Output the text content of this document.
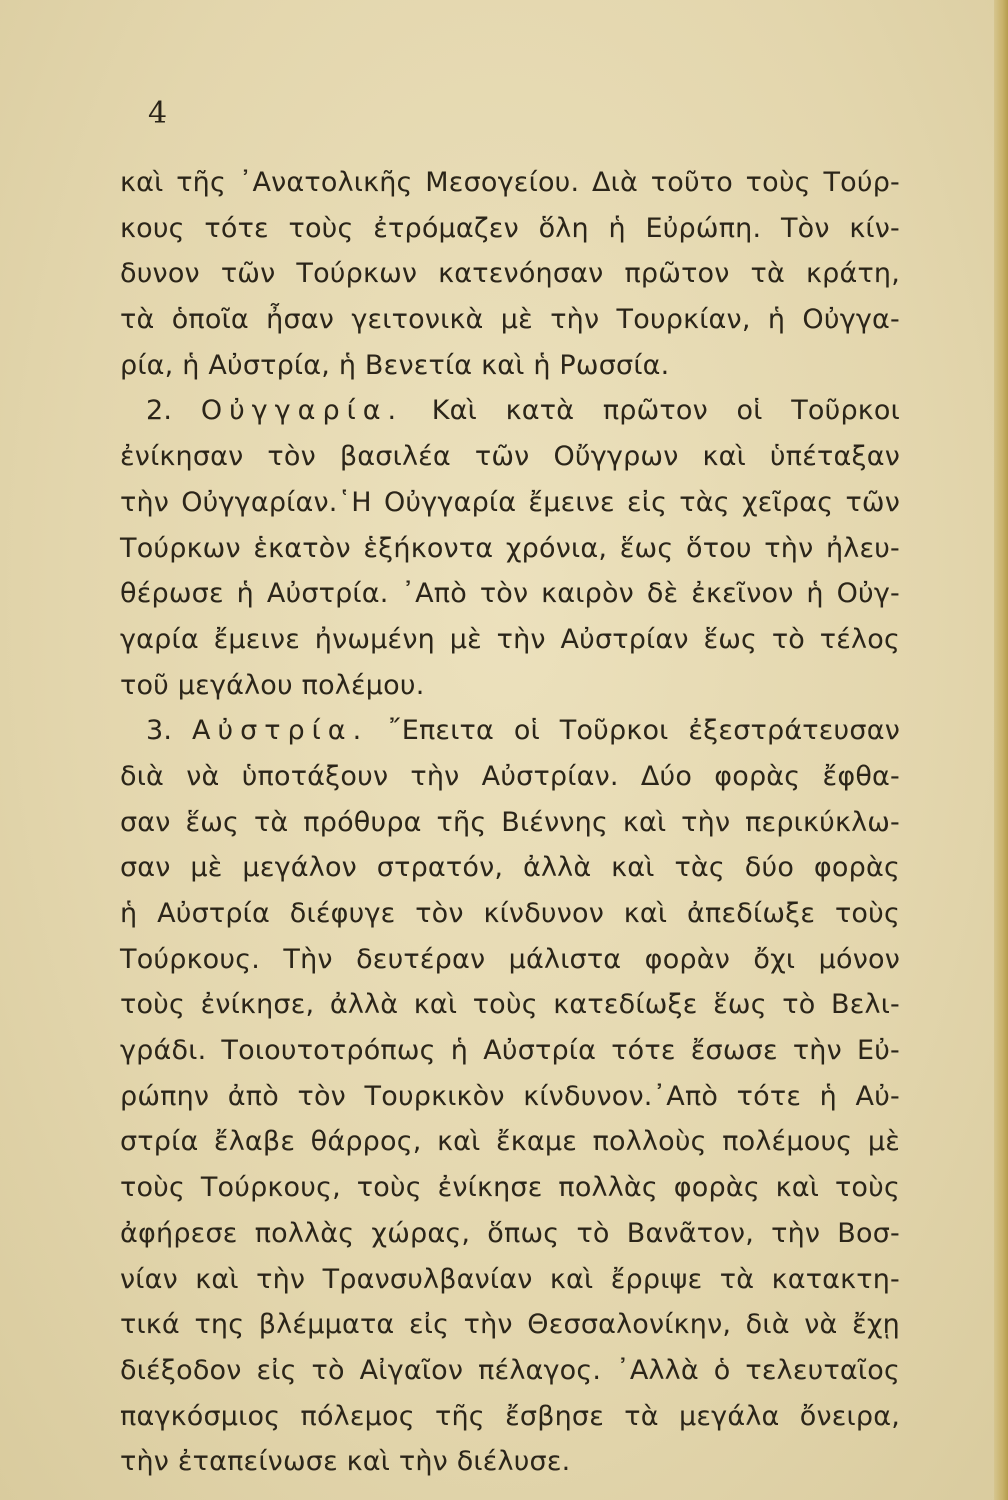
4
καὶ τῆς ᾿Ανατολικῆς Μεσογείου. Διὰ τοῦτο τοὺς Τούρ-
κους τότε τοὺς ἐτρόμαζεν ὅλη ἡ Εὐρώπη. Τὸν κίν-
δυνον τῶν Τούρκων κατενόησαν πρῶτον τὰ κράτη,
τὰ ὁποῖα ἦσαν γειτονικὰ μὲ τὴν Τουρκίαν, ἡ Οὐγγα-
ρία, ἡ Αὐστρία, ἡ Βενετία καὶ ἡ Ρωσσία.
2. Οὐγγαρία. Καὶ κατὰ πρῶτον οἱ Τοῦρκοι
ἐνίκησαν τὸν βασιλέα τῶν Οὔγγρων καὶ ὑπέταξαν
τὴν Οὐγγαρίαν.῾Η Οὐγγαρία ἔμεινε εἰς τὰς χεῖρας τῶν
Τούρκων ἑκατὸν ἑξήκοντα χρόνια, ἕως ὅτου τὴν ἠλευ-
θέρωσε ἡ Αὐστρία. ᾿Απὸ τὸν καιρὸν δὲ ἐκεῖνον ἡ Οὐγ-
γαρία ἔμεινε ἠνωμένη μὲ τὴν Αὐστρίαν ἕως τὸ τέλος
τοῦ μεγάλου πολέμου.
3. Αὐστρία. ῎Επειτα οἱ Τοῦρκοι ἐξεστράτευσαν
διὰ νὰ ὑποτάξουν τὴν Αὐστρίαν. Δύο φορὰς ἔφθα-
σαν ἕως τὰ πρόθυρα τῆς Βιέννης καὶ τὴν περικύκλω-
σαν μὲ μεγάλον στρατόν, ἀλλὰ καὶ τὰς δύο φορὰς
ἡ Αὐστρία διέφυγε τὸν κίνδυνον καὶ ἀπεδίωξε τοὺς
Τούρκους. Τὴν δευτέραν μάλιστα φορὰν ὄχι μόνον
τοὺς ἐνίκησε, ἀλλὰ καὶ τοὺς κατεδίωξε ἕως τὸ Βελι-
γράδι. Τοιουτοτρόπως ἡ Αὐστρία τότε ἔσωσε τὴν Εὐ-
ρώπην ἀπὸ τὸν Τουρκικὸν κίνδυνον.᾿Απὸ τότε ἡ Αὐ-
στρία ἔλαβε θάρρος, καὶ ἔκαμε πολλοὺς πολέμους μὲ
τοὺς Τούρκους, τοὺς ἐνίκησε πολλὰς φορὰς καὶ τοὺς
ἀφήρεσε πολλὰς χώρας, ὅπως τὸ Βανᾶτον, τὴν Βοσ-
νίαν καὶ τὴν Τρανσυλβανίαν καὶ ἔρριψε τὰ κατακτη-
τικά της βλέμματα εἰς τὴν Θεσσαλονίκην, διὰ νὰ ἔχῃ
διέξοδον εἰς τὸ Αἰγαῖον πέλαγος. ᾿Αλλὰ ὁ τελευταῖος
παγκόσμιος πόλεμος τῆς ἔσβησε τὰ μεγάλα ὄνειρα,
τὴν ἐταπείνωσε καὶ τὴν διέλυσε.
